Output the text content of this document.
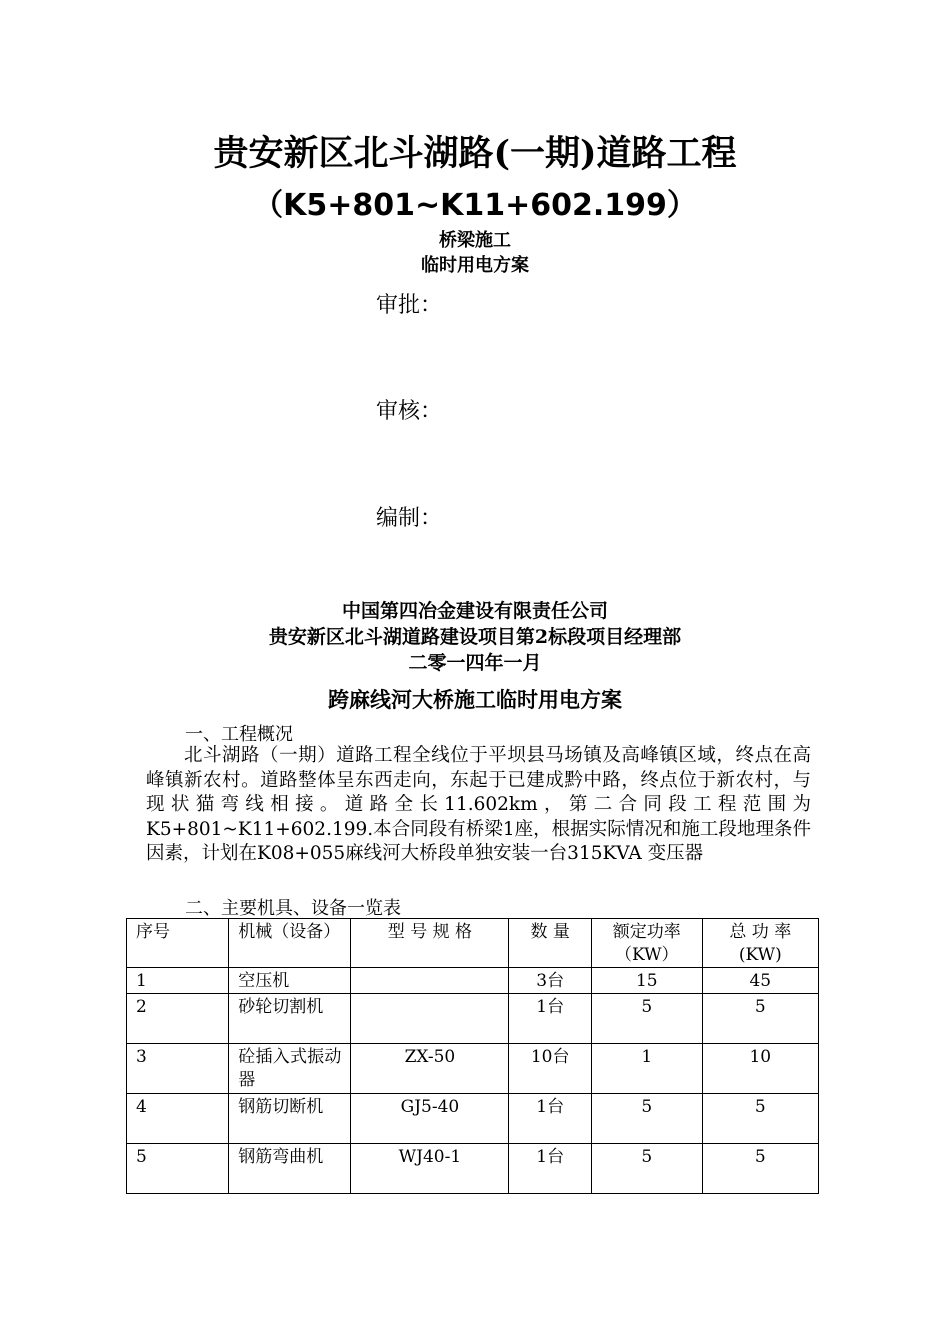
贵安新区北斗湖路(一期)道路工程
（K5+801~K11+602.199）
桥梁施工
临时用电方案
审批：
审核：
编制：
中国第四冶金建设有限责任公司
贵安新区北斗湖道路建设项目第2标段项目经理部
二零一四年一月
跨麻线河大桥施工临时用电方案
一、工程概况
北斗湖路（一期）道路工程全线位于平坝县马场镇及高峰镇区域，终点在高峰镇新农村。道路整体呈东西走向，东起于已建成黔中路，终点位于新农村，与现状猫弯线相接。道路全长11.602km，第二合同段工程范围为K5+801~K11+602.199.本合同段有桥梁1座，根据实际情况和施工段地理条件因素，计划在K08+055麻线河大桥段单独安装一台315KVA 变压器
二、主要机具、设备一览表
序号	机械（设备）	型 号 规 格	数 量	额定功率（KW）	总 功 率(KW)
1	空压机		3台	15	45
2	砂轮切割机		1台	5	5
3	砼插入式振动器	ZX-50	10台	1	10
4	钢筋切断机	GJ5-40	1台	5	5
5	钢筋弯曲机	WJ40-1	1台	5	5
